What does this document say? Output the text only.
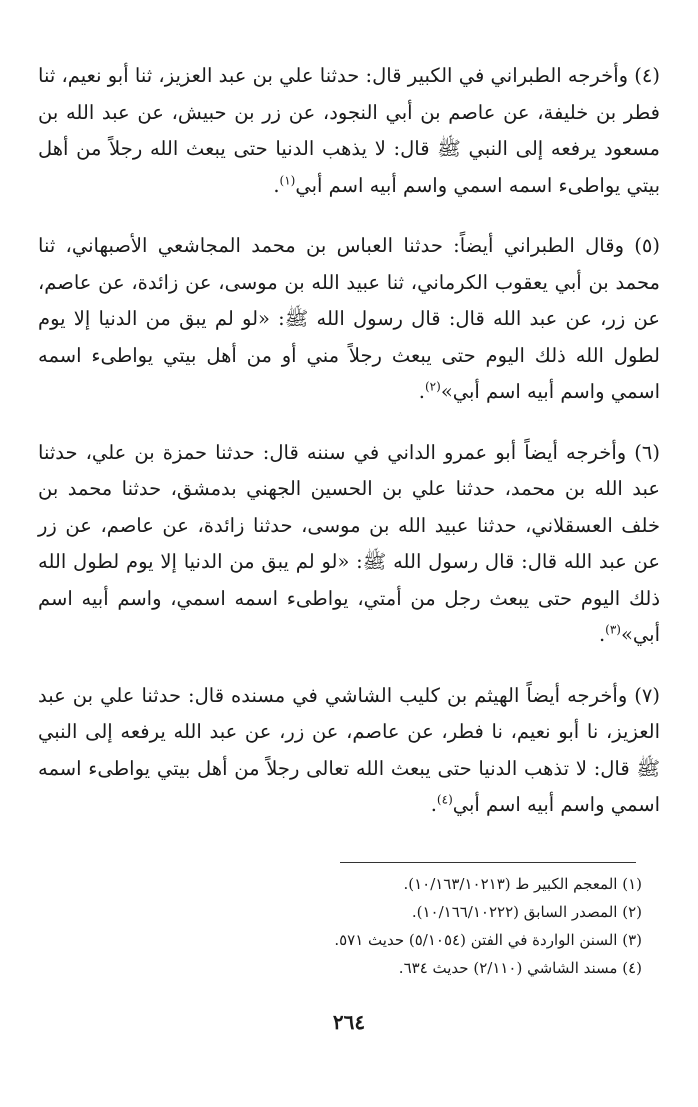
(٤) وأخرجه الطبراني في الكبير قال: حدثنا علي بن عبد العزيز، ثنا أبو نعيم، ثنا فطر بن خليفة، عن عاصم بن أبي النجود، عن زر بن حبيش، عن عبد الله بن مسعود يرفعه إلى النبي ﷺ قال: لا يذهب الدنيا حتى يبعث الله رجلاً من أهل بيتي يواطىء اسمه اسمي واسم أبيه اسم أبي$^{(١)}$.

(٥) وقال الطبراني أيضاً: حدثنا العباس بن محمد المجاشعي الأصبهاني، ثنا محمد بن أبي يعقوب الكرماني، ثنا عبيد الله بن موسى، عن زائدة، عن عاصم، عن زر، عن عبد الله قال: قال رسول الله ﷺ: «لو لم يبق من الدنيا إلا يوم لطول الله ذلك اليوم حتى يبعث رجلاً مني أو من أهل بيتي يواطىء اسمه اسمي واسم أبيه اسم أبي»$^{(٢)}$.

(٦) وأخرجه أيضاً أبو عمرو الداني في سننه قال: حدثنا حمزة بن علي، حدثنا عبد الله بن محمد، حدثنا علي بن الحسين الجهني بدمشق، حدثنا محمد بن خلف العسقلاني، حدثنا عبيد الله بن موسى، حدثنا زائدة، عن عاصم، عن زر عن عبد الله قال: قال رسول الله ﷺ: «لو لم يبق من الدنيا إلا يوم لطول الله ذلك اليوم حتى يبعث رجل من أمتي، يواطىء اسمه اسمي، واسم أبيه اسم أبي»$^{(٣)}$.

(٧) وأخرجه أيضاً الهيثم بن كليب الشاشي في مسنده قال: حدثنا علي بن عبد العزيز، نا أبو نعيم، نا فطر، عن عاصم، عن زر، عن عبد الله يرفعه إلى النبي ﷺ قال: لا تذهب الدنيا حتى يبعث الله تعالى رجلاً من أهل بيتي يواطىء اسمه اسمي واسم أبيه اسم أبي$^{(٤)}$.

(١) المعجم الكبير ط (١٠/١٦٣/١٠٢١٣).

(٢) المصدر السابق (١٠/١٦٦/١٠٢٢٢).

(٣) السنن الواردة في الفتن (٥/١٠٥٤) حديث ٥٧١.

(٤) مسند الشاشي (٢/١١٠) حديث ٦٣٤.

٢٦٤
